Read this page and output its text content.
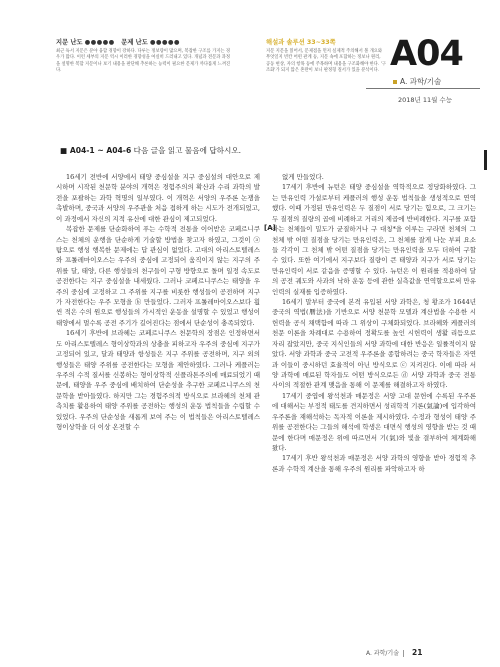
지문 난도 ●●●●● 문제 난도 ●●●●●
최근 독서 지문은 분야 융합 경향이 강하다. 다루는 정보량이 많으며, 복잡한 구조를 가지는 경우가 많다. 이런 세부의 지문 역시 이러한 경향성을 여실히 드러내고 있다. 개념과 전문과 과정을 설명한 복합 지문이나 보기 내용을 판단해 추론하는 능력이 필요한 문제가 까다롭게 느껴진다.
해설과 솔루션 33~33쪽
지문 지문을 읽어서, 문제점을 먼저 실제적 주의해서 볼 개요와 무엇일지 빈칸 어떤 관계 등, 지문 속에 포함하는 정보나 원리, 공동 현상, 자의 항목 등에 주목하며 내용을 구조화해야 한다. '구조화'가 되지 않은 혼란이 보니 판정형 질서가 있을 분석이다. A04
A. 과학/기술
2018년 11월 수능
■ A04-1 ~ A04-6 다음 글을 읽고 물음에 답하시오.

16세기 전반에 서양에서 태양 중심설을 지구 중심설의 대안으로 제시하며 시작된 천문학 분야의 개혁은 경험주의의 확산과 수리 과학의 발전을 포괄하는 과학 혁명의 일부였다. 이 개혁은 서양의 우주론 논쟁을 촉발하며, 중국과 서양의 우주관을 처음 접하게 하는 시도가 전개되었고, 이 과정에서 자신의 지적 유산에 대한 관심이 제고되었다.

복잡한 문제를 단순화하여 푸는 수학적 전통을 이어받은 코페르니쿠스는 천체의 운행을 단순하게 기술할 방법을 찾고자 하였고, 그것이 ⓐ 탐으로 행성 행복한 문제에는 답 관심이 없었다. 고대의 아리스토텔레스와 프톨레마이오스는 우주의 중심에 고정되어 움직이지 않는 지구의 주위를 달, 태양, 다른 행성들의 천구들이 구형 방향으로 돌며 일정 속도로 공전한다는 지구 중심설을 내세웠다. 그러나 코페르니쿠스는 태양을 우주의 중심에 고정하고 그 주위를 지구를 비롯한 행성들이 공전하며 지구가 자전한다는 우주 모형을 ⓑ 만들었다. 그러자 프톨레마이오스보다 훨씬 적은 수의 원으로 행성들의 가시적인 운동을 설명할 수 있었고 행성이 태양에서 멀수록 공전 주기가 길어진다는 점에서 단순성이 충족되었다.

16세기 후반에 브라헤는 코페르니쿠스 천문학의 장점은 인정하면서도 아리스토텔레스 형이상학과의 상충을 피하고자 우주의 중심에 지구가 고정되어 있고, 달과 태양과 항성들은 지구 주위를 공전하며, 지구 외의 행성들은 태양 주위를 공전한다는 모형을 제안하였다. 그러나 케플러는 우주의 수적 질서를 신봉하는 형이상학적 신플라톤주의에 매료되었기 때문에, 태양을 우주 중심에 배치하여 단순성을 추구한 코페르니쿠스의 천문학을 받아들였다. 하지만 그는 경험주의적 방식으로 브라헤의 천체 관측치를 활용하여 태양 주위를 공전하는 행성의 운동 법칙들을 수립할 수 있었다. 우주의 단순성을 새롭게 보여 주는 이 법칙들은 아리스토텔레스 형이상학을 더 이상 온전할 수

[A]

없게 만들었다.

17세기 후반에 뉴턴은 태양 중심설을 역학적으로 정당화하였다. 그는 만유인력 가설로부터 케플러의 행성 운동 법칙들을 생성적으로 연역했다. 이때 가정된 만유인력은 두 질점이 서로 당기는 힘으로, 그 크기는 두 질점의 질량의 곱에 비례하고 거리의 제곱에 반비례한다. 지구를 포함하는 천체들이 밀도가 균질하거나 구 대칭*을 이루는 구라면 천체의 그 천체 밖 어떤 질점을 당기는 만유인력은, 그 천체를 잘게 나눈 부피 요소들 각각이 그 천체 밖 어떤 질점을 당기는 만유인력을 모두 더하여 구할 수 있다. 또한 여기에서 지구보다 질량이 큰 태양과 지구가 서로 당기는 만유인력이 서로 같음을 증명할 수 있다. 뉴턴은 이 원리를 적용하여 달의 공전 궤도와 사과의 낙하 운동 등에 관한 실측값을 연역할으로써 만유인력의 실재를 입증하였다.

16세기 말부터 중국에 본격 유입된 서양 과학은, 청 황조가 1644년 중국의 역법(曆法)을 기반으로 서양 천문학 모델과 계산법을 수용한 시헌력을 공식 채택함에 따라 그 위상이 구체화되었다. 브라헤와 케플러의 천문 이론을 차례대로 수용하여 정확도를 높인 시헌력이 생활 리듬으로 자리 잡았지만, 중국 지식인들의 서양 과학에 대한 반응은 일률적이지 않았다. 서양 과학과 중국 고전적 우주론을 종합하려는 중국 학자들은 자연과 이들이 중시하던 효율적이 아닌 방식으로 ⓒ 지켜진다. 이에 따라 서양 과학에 매료된 학자들도 어떤 방식으로든 ⓓ 서양 과학과 중국 전통 사이의 적절한 관계 맺음을 통해 이 문제를 해결하고자 하였다.

17세기 중엽에 왕석천과 매문정은 서양 고대 문헌에 수록된 우주론에 대해서는 부정적 태도를 견지하면서 성리학적 기론(氣論)에 입각하여 우주론을 재해석하는 독자적 이론을 제시하였다. 수정과 형성이 태양 주위를 공전한다는 그들의 해석에 학생은 대면식 행성의 영향을 받는 것 때문에 한다며 매문정은 위에 따르면서 기(氣)와 빛을 결부하여 체계화해 왔다.

17세기 후반 왕석천과 매문정은 서양 과학의 영향을 받아 경험적 추론과 수학적 계산을 통해 우주의 원리를 파악하고자 하

A. 과학/기술 21
